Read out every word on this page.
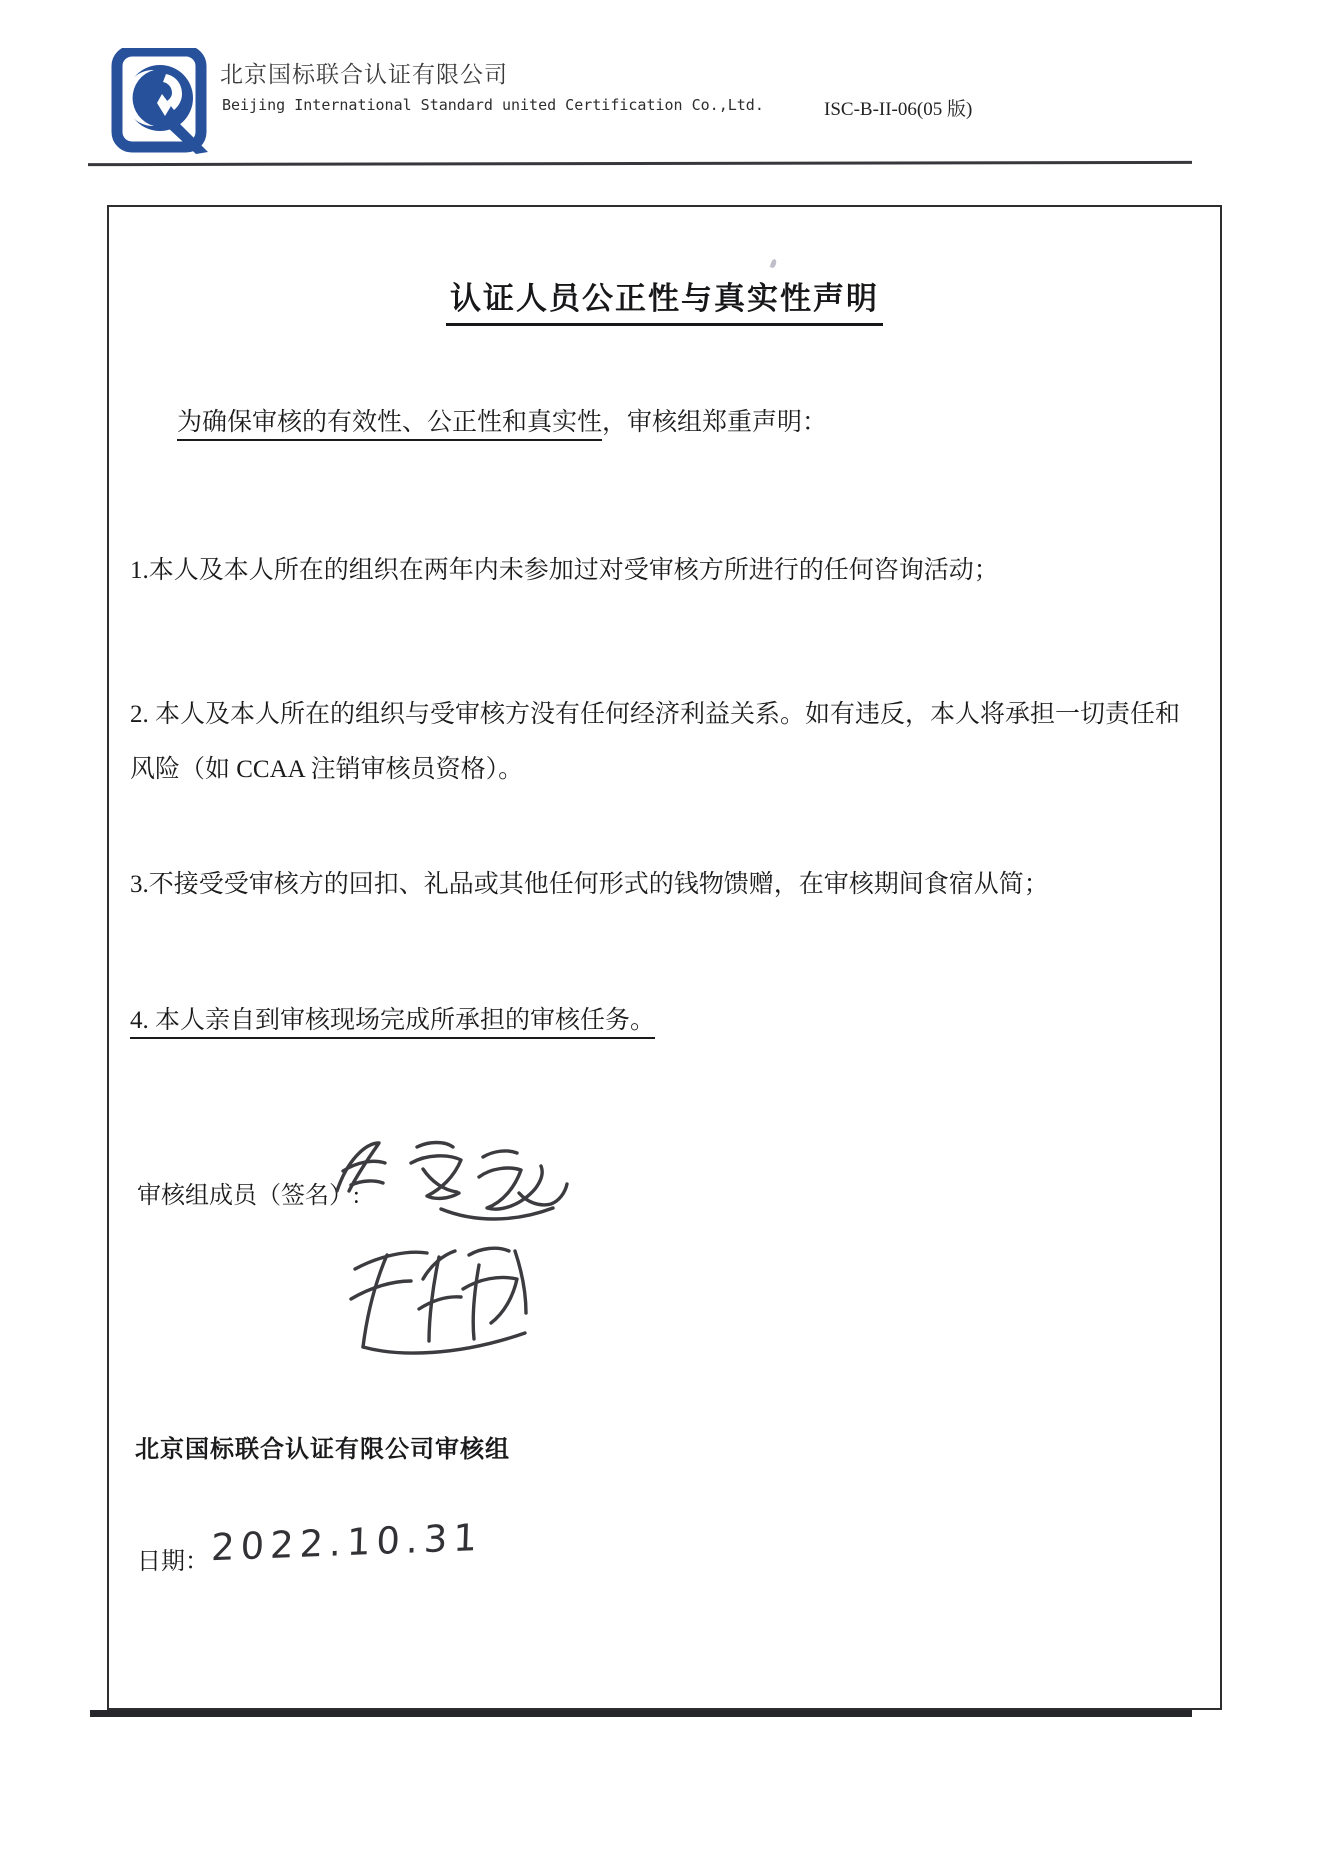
北京国标联合认证有限公司
Beijing International Standard united Certification Co.,Ltd.	ISC-B-II-06(05 版)
认证人员公正性与真实性声明
为确保审核的有效性、公正性和真实性，审核组郑重声明：
1.本人及本人所在的组织在两年内未参加过对受审核方所进行的任何咨询活动；
2. 本人及本人所在的组织与受审核方没有任何经济利益关系。如有违反，本人将承担一切责任和风险（如 CCAA 注销审核员资格）。
3.不接受受审核方的回扣、礼品或其他任何形式的钱物馈赠，在审核期间食宿从简；
4. 本人亲自到审核现场完成所承担的审核任务。
审核组成员（签名）:
北京国标联合认证有限公司审核组
日期： 2022.10.31
